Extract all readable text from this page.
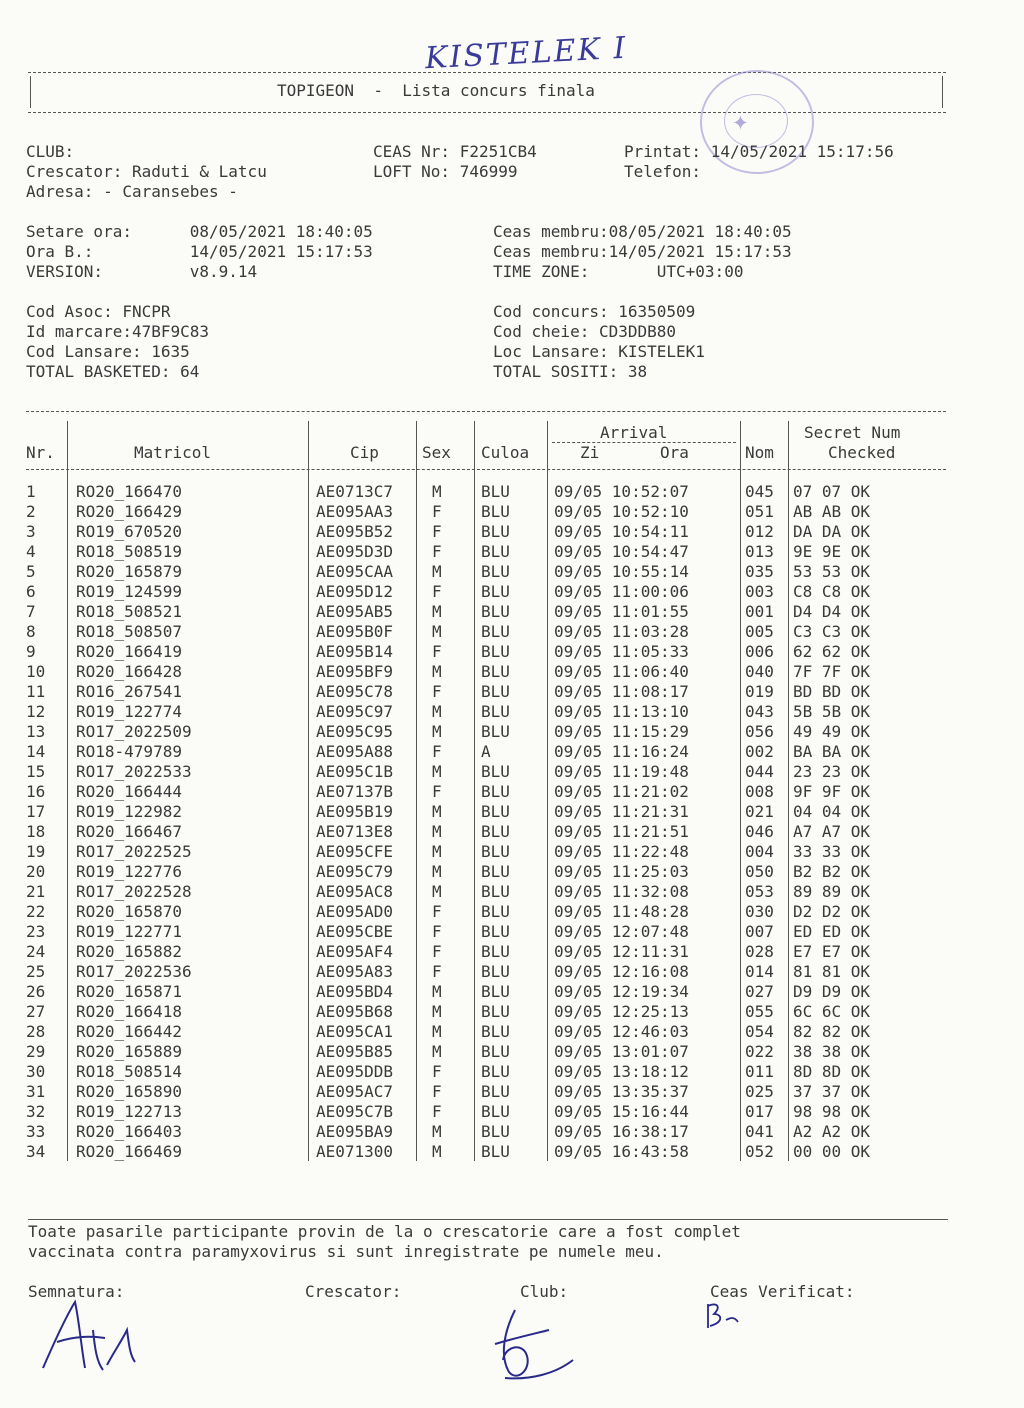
KISTELEK I
TOPIGEON  -  Lista concurs finala
✦
CLUB:
Crescator: Raduti & Latcu
Adresa: - Caransebes -
CEAS Nr: F2251CB4
LOFT No: 746999
Printat: 14/05/2021 15:17:56
Telefon:
Setare ora:      08/05/2021 18:40:05
Ora B.:          14/05/2021 15:17:53
VERSION:         v8.9.14
Ceas membru:08/05/2021 18:40:05
Ceas membru:14/05/2021 15:17:53
TIME ZONE:       UTC+03:00
Cod Asoc: FNCPR
Id marcare:47BF9C83
Cod Lansare: 1635
TOTAL BASKETED: 64
Cod concurs: 16350509
Cod cheie: CD3DDB80
Loc Lansare: KISTELEK1
TOTAL SOSITI: 38
Nr.	Matricol	Cip	Sex Culoa
Arrival
Zi	Ora	Nom
Secret Num
Checked
1	RO20_166470	AE0713C7 M BLU	09/05 10:52:07	045 07 07 OK
2	RO20_166429	AE095AA3 F BLU	09/05 10:52:10	051 AB AB OK
3	RO19_670520	AE095B52 F BLU	09/05 10:54:11	012 DA DA OK
4	RO18_508519	AE095D3D F BLU	09/05 10:54:47	013 9E 9E OK
5	RO20_165879	AE095CAA M BLU	09/05 10:55:14	035 53 53 OK
6	RO19_124599	AE095D12 F BLU	09/05 11:00:06	003 C8 C8 OK
7	RO18_508521	AE095AB5 M BLU	09/05 11:01:55	001 D4 D4 OK
8	RO18_508507	AE095B0F M BLU	09/05 11:03:28	005 C3 C3 OK
9	RO20_166419	AE095B14 F BLU	09/05 11:05:33	006 62 62 OK
10 RO20_166428	AE095BF9 M BLU	09/05 11:06:40	040 7F 7F OK
11 RO16_267541	AE095C78 F BLU	09/05 11:08:17	019 BD BD OK
12 RO19_122774	AE095C97 M BLU	09/05 11:13:10	043 5B 5B OK
13 RO17_2022509	AE095C95 M BLU	09/05 11:15:29	056 49 49 OK
14 RO18-479789	AE095A88 F A	09/05 11:16:24	002 BA BA OK
15 RO17_2022533	AE095C1B M BLU	09/05 11:19:48	044 23 23 OK
16 RO20_166444	AE07137B F BLU	09/05 11:21:02	008 9F 9F OK
17 RO19_122982	AE095B19 M BLU	09/05 11:21:31	021 04 04 OK
18 RO20_166467	AE0713E8 M BLU	09/05 11:21:51	046 A7 A7 OK
19 RO17_2022525	AE095CFE M BLU	09/05 11:22:48	004 33 33 OK
20 RO19_122776	AE095C79 M BLU	09/05 11:25:03	050 B2 B2 OK
21 RO17_2022528	AE095AC8 M BLU	09/05 11:32:08	053 89 89 OK
22 RO20_165870	AE095AD0 F BLU	09/05 11:48:28	030 D2 D2 OK
23 RO19_122771	AE095CBE F BLU	09/05 12:07:48	007 ED ED OK
24 RO20_165882	AE095AF4 F BLU	09/05 12:11:31	028 E7 E7 OK
25 RO17_2022536	AE095A83 F BLU	09/05 12:16:08	014 81 81 OK
26 RO20_165871	AE095BD4 M BLU	09/05 12:19:34	027 D9 D9 OK
27 RO20_166418	AE095B68 M BLU	09/05 12:25:13	055 6C 6C OK
28 RO20_166442	AE095CA1 M BLU	09/05 12:46:03	054 82 82 OK
29 RO20_165889	AE095B85 M BLU	09/05 13:01:07	022 38 38 OK
30 RO18_508514	AE095DDB F BLU	09/05 13:18:12	011 8D 8D OK
31 RO20_165890	AE095AC7 F BLU	09/05 13:35:37	025 37 37 OK
32 RO19_122713	AE095C7B F BLU	09/05 15:16:44	017 98 98 OK
33 RO20_166403	AE095BA9 M BLU	09/05 16:38:17	041 A2 A2 OK
34 RO20_166469	AE071300 M BLU	09/05 16:43:58	052 00 00 OK
Toate pasarile participante provin de la o crescatorie care a fost complet
vaccinata contra paramyxovirus si sunt inregistrate pe numele meu.
Semnatura:	Crescator:	Club:	Ceas Verificat:
